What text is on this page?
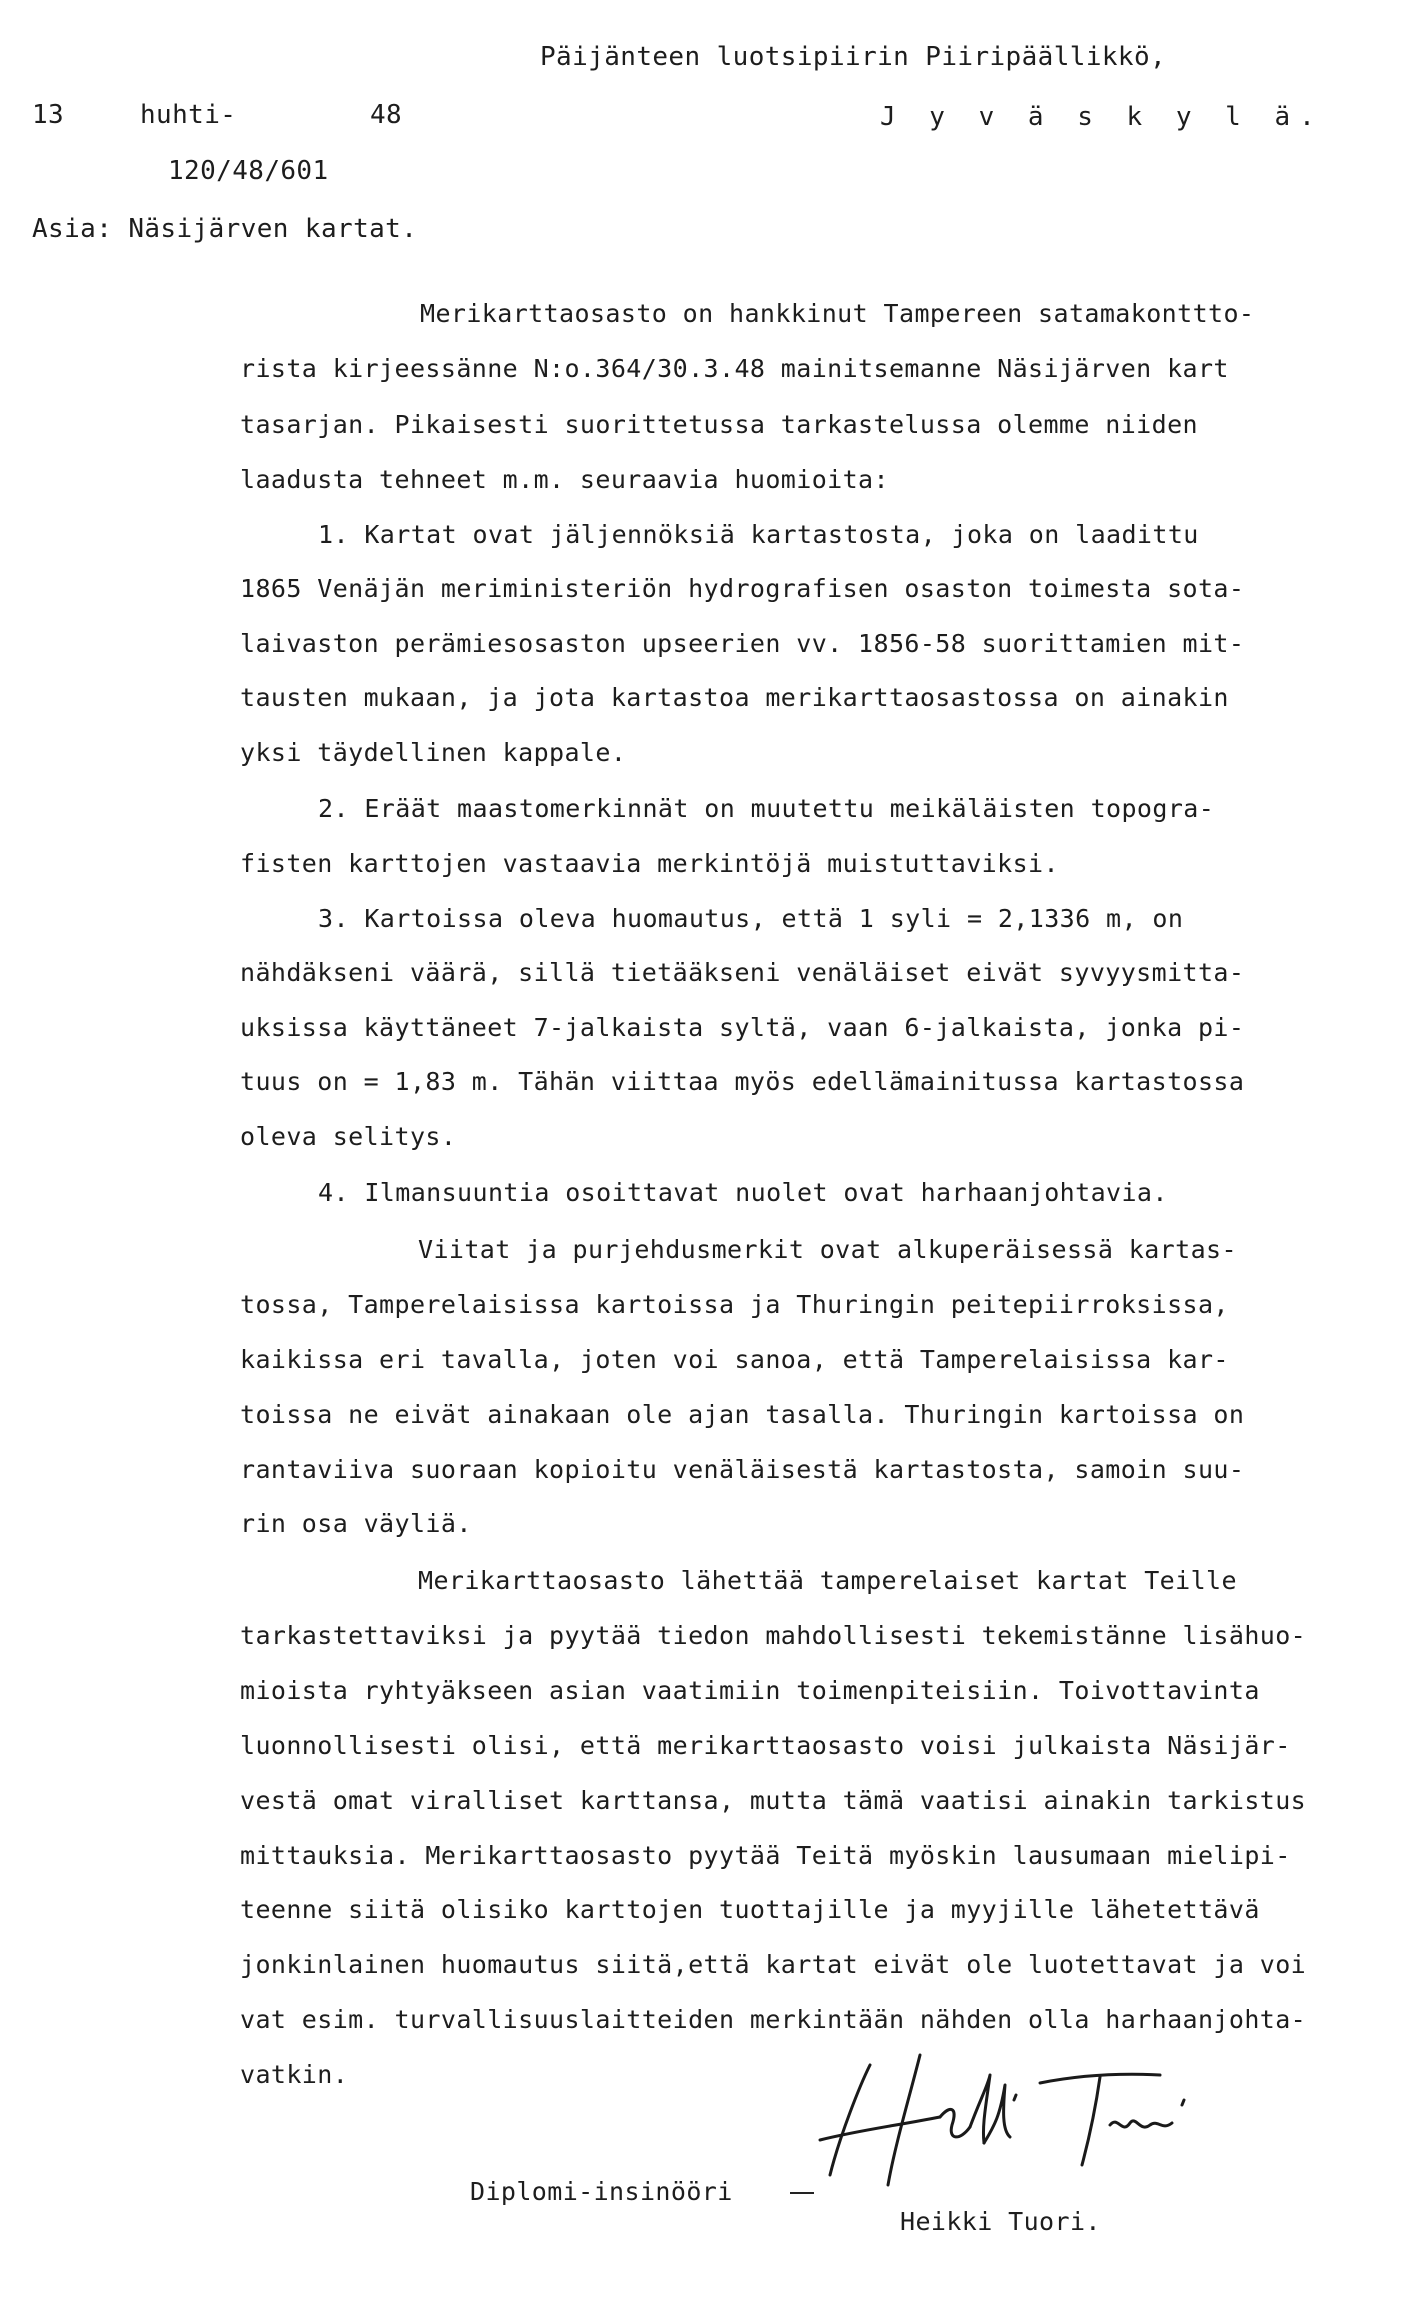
Päijänteen luotsipiirin Piiripäällikkö,
13	huhti-	48	J y v ä s k y l ä.
120/48/601
Asia: Näsijärven kartat.
Merikarttaosasto on hankkinut Tampereen satamakonttto-
rista kirjeessänne N:o.364/30.3.48 mainitsemanne Näsijärven kart
tasarjan. Pikaisesti suorittetussa tarkastelussa olemme niiden
laadusta tehneet m.m. seuraavia huomioita:
1. Kartat ovat jäljennöksiä kartastosta, joka on laadittu
1865 Venäjän meriministeriön hydrografisen osaston toimesta sota-
laivaston perämiesosaston upseerien vv. 1856-58 suorittamien mit-
tausten mukaan, ja jota kartastoa merikarttaosastossa on ainakin
yksi täydellinen kappale.
2. Eräät maastomerkinnät on muutettu meikäläisten topogra-
fisten karttojen vastaavia merkintöjä muistuttaviksi.
3. Kartoissa oleva huomautus, että 1 syli = 2,1336 m, on
nähdäkseni väärä, sillä tietääkseni venäläiset eivät syvyysmitta-
uksissa käyttäneet 7-jalkaista syltä, vaan 6-jalkaista, jonka pi-
tuus on = 1,83 m. Tähän viittaa myös edellämainitussa kartastossa
oleva selitys.
4. Ilmansuuntia osoittavat nuolet ovat harhaanjohtavia.
Viitat ja purjehdusmerkit ovat alkuperäisessä kartas-
tossa, Tamperelaisissa kartoissa ja Thuringin peitepiirroksissa,
kaikissa eri tavalla, joten voi sanoa, että Tamperelaisissa kar-
toissa ne eivät ainakaan ole ajan tasalla. Thuringin kartoissa on
rantaviiva suoraan kopioitu venäläisestä kartastosta, samoin suu-
rin osa väyliä.
Merikarttaosasto lähettää tamperelaiset kartat Teille
tarkastettaviksi ja pyytää tiedon mahdollisesti tekemistänne lisähuo-
mioista ryhtyäkseen asian vaatimiin toimenpiteisiin. Toivottavinta
luonnollisesti olisi, että merikarttaosasto voisi julkaista Näsijär-
vestä omat viralliset karttansa, mutta tämä vaatisi ainakin tarkistus
mittauksia. Merikarttaosasto pyytää Teitä myöskin lausumaan mielipi-
teenne siitä olisiko karttojen tuottajille ja myyjille lähetettävä
jonkinlainen huomautus siitä,että kartat eivät ole luotettavat ja voi
vat esim. turvallisuuslaitteiden merkintään nähden olla harhaanjohta-
vatkin.
Diplomi-insinööri
Heikki Tuori.
